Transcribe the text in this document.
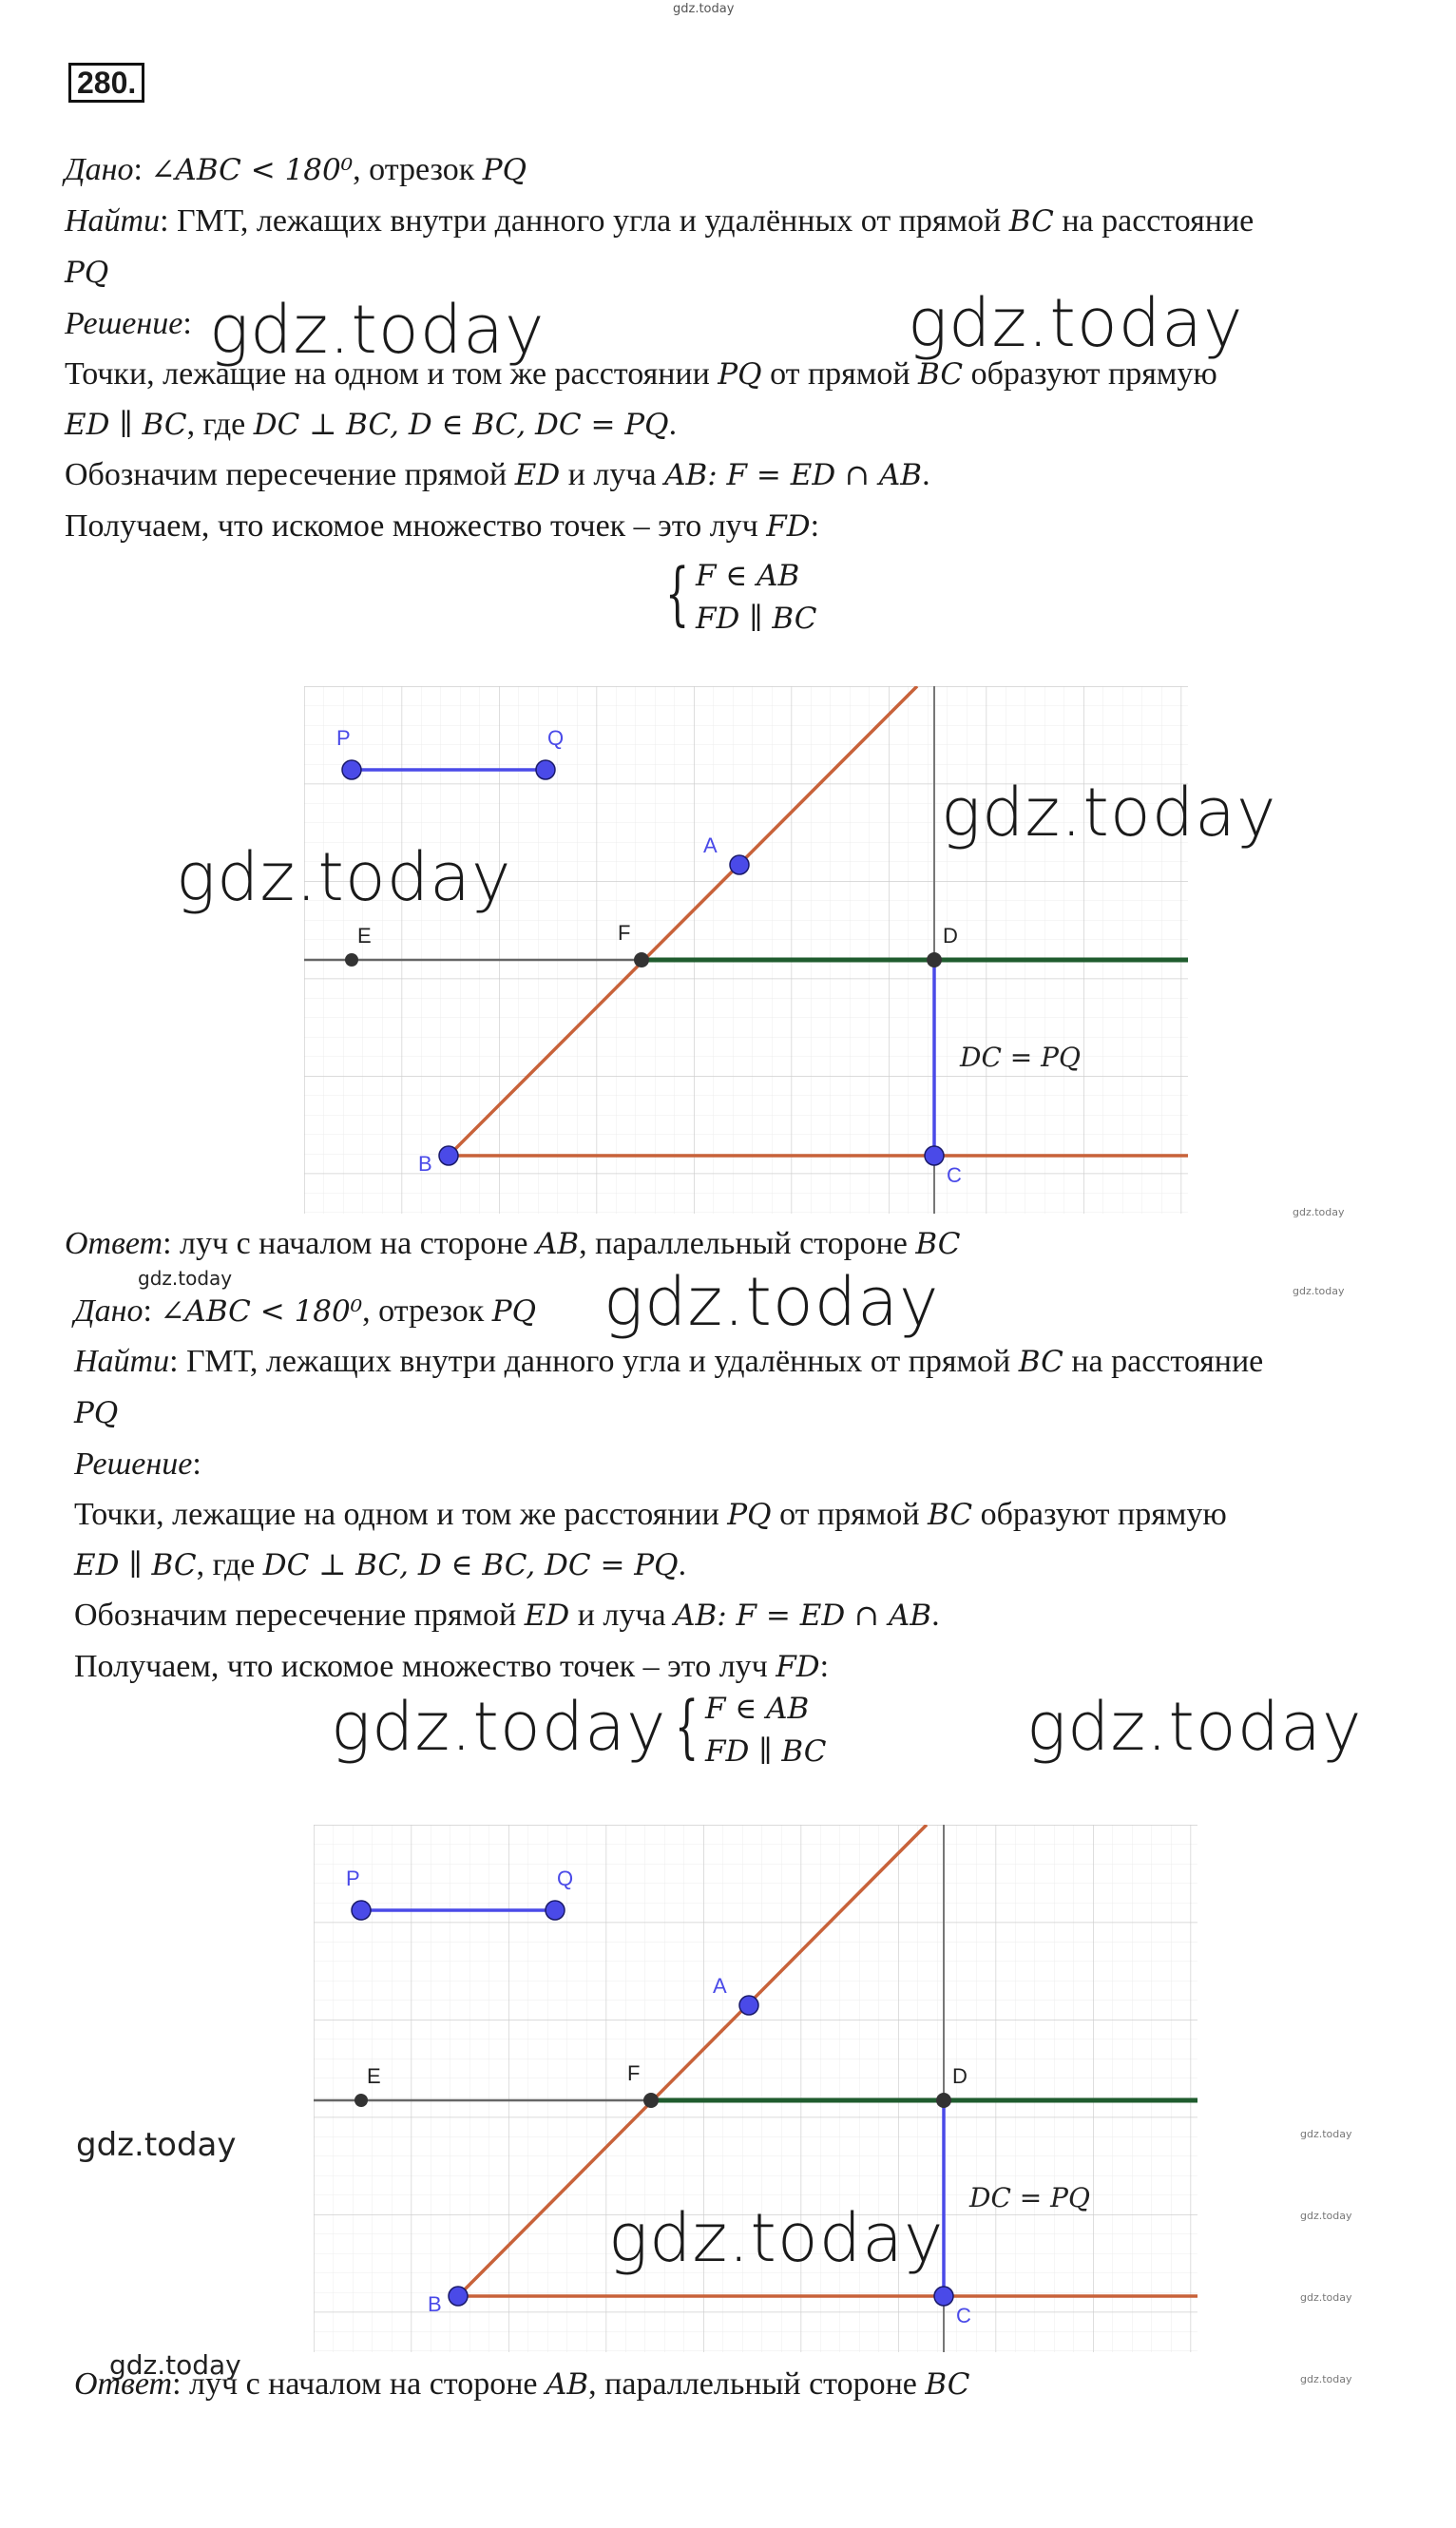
gdz.today
280.
Дано: ∠ABC < 180⁰, отрезок PQ
Найти: ГМТ, лежащих внутри данного угла и удалённых от прямой BC на расстояние
PQ
Решение:
Точки, лежащие на одном и том же расстоянии PQ от прямой BC образуют прямую
ED ∥ BC, где DC ⊥ BC, D ∈ BC, DC = PQ.
Обозначим пересечение прямой ED и луча AB: F = ED ∩ AB.
Получаем, что искомое множество точек – это луч FD:
{ F ∈ AB
FD ∥ BC
gdz.today	gdz.today
P	Q
A
E	F	D
B	C
DC = PQ
gdz.today
gdz.today
gdz.today
Ответ: луч с началом на стороне AB, параллельный стороне BC
gdz.today
gdz.today
Дано: ∠ABC < 180⁰, отрезок PQ gdz.today
Найти: ГМТ, лежащих внутри данного угла и удалённых от прямой BC на расстояние
PQ
Решение:
Точки, лежащие на одном и том же расстоянии PQ от прямой BC образуют прямую
ED ∥ BC, где DC ⊥ BC, D ∈ BC, DC = PQ.
Обозначим пересечение прямой ED и луча AB: F = ED ∩ AB.
Получаем, что искомое множество точек – это луч FD:
{ F ∈ AB
FD ∥ BC
gdz.today	gdz.today
P	Q
A
E	F	D
B	C
DC = PQ
gdz.today
gdz.today
gdz.today
gdz.today
gdz.today
gdz.today
gdz.today
Ответ: луч с началом на стороне AB, параллельный стороне BC
